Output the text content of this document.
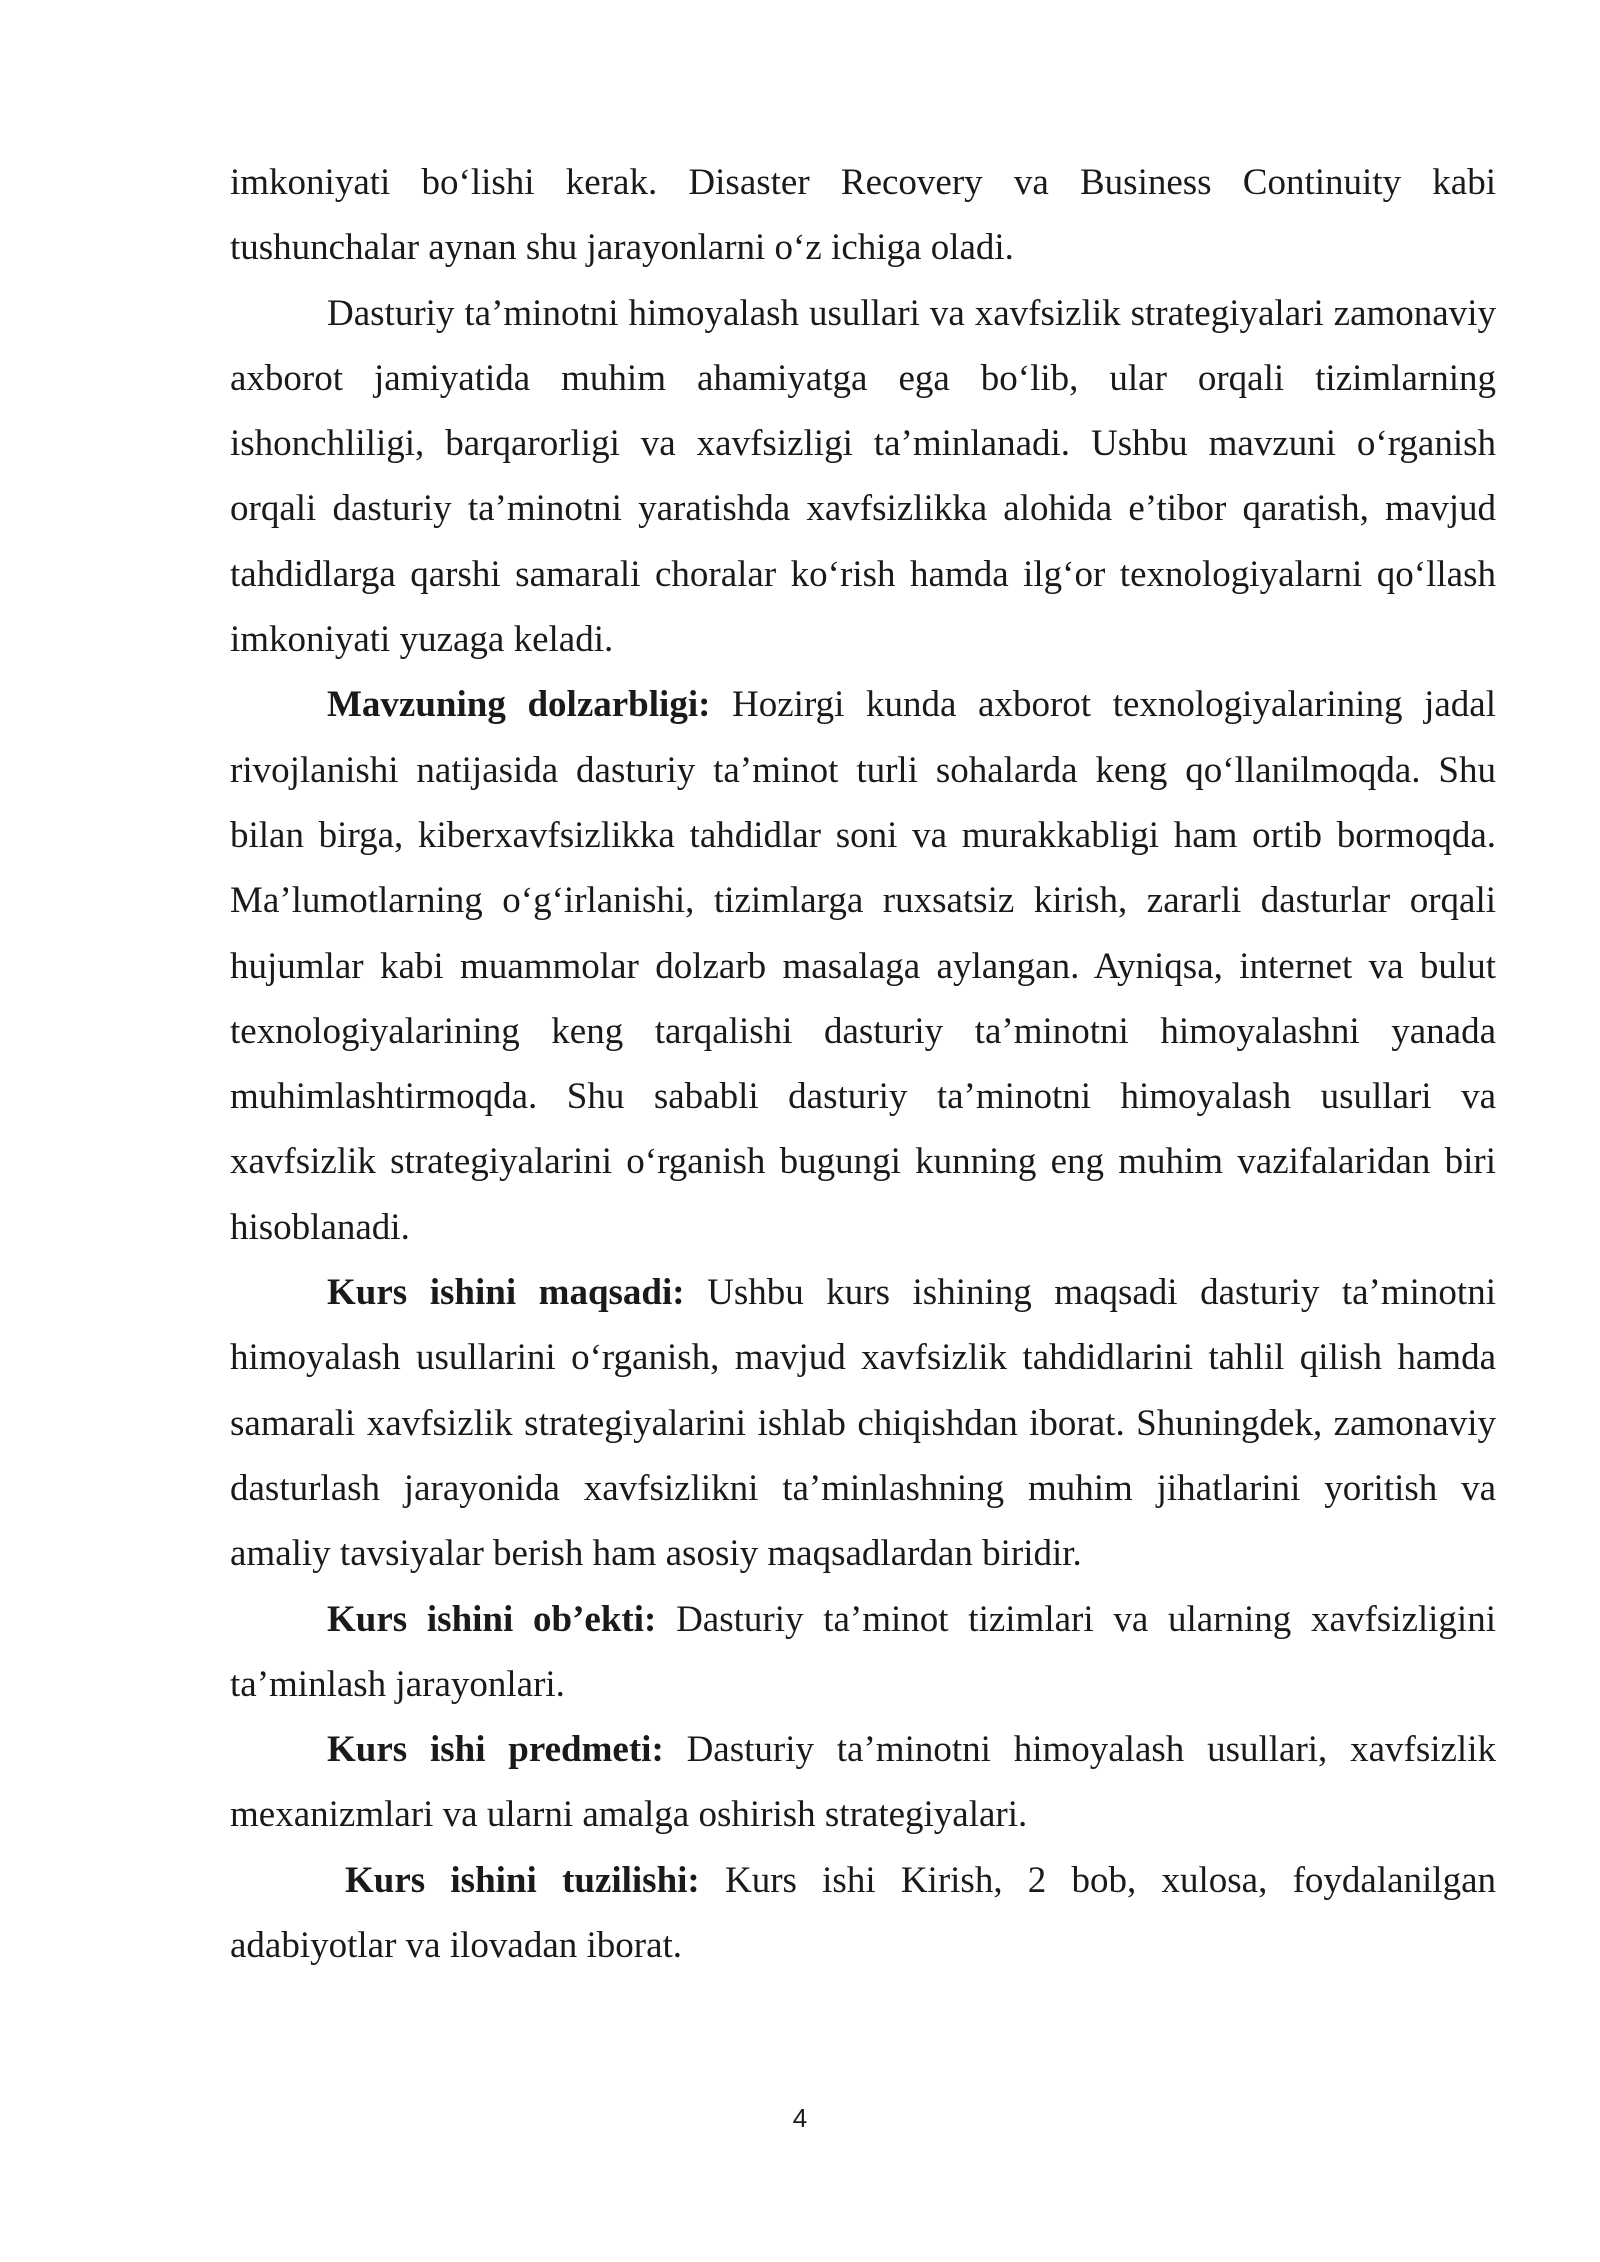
imkoniyati bo‘lishi kerak. Disaster Recovery va Business Continuity kabi tushunchalar aynan shu jarayonlarni o‘z ichiga oladi.

Dasturiy ta’minotni himoyalash usullari va xavfsizlik strategiyalari zamonaviy axborot jamiyatida muhim ahamiyatga ega bo‘lib, ular orqali tizimlarning ishonchliligi, barqarorligi va xavfsizligi ta’minlanadi. Ushbu mavzuni o‘rganish orqali dasturiy ta’minotni yaratishda xavfsizlikka alohida e’tibor qaratish, mavjud tahdidlarga qarshi samarali choralar ko‘rish hamda ilg‘or texnologiyalarni qo‘llash imkoniyati yuzaga keladi.

Mavzuning dolzarbligi: Hozirgi kunda axborot texnologiyalarining jadal rivojlanishi natijasida dasturiy ta’minot turli sohalarda keng qo‘llanilmoqda. Shu bilan birga, kiberxavfsizlikka tahdidlar soni va murakkabligi ham ortib bormoqda. Ma’lumotlarning o‘g‘irlanishi, tizimlarga ruxsatsiz kirish, zararli dasturlar orqali hujumlar kabi muammolar dolzarb masalaga aylangan. Ayniqsa, internet va bulut texnologiyalarining keng tarqalishi dasturiy ta’minotni himoyalashni yanada muhimlashtirmoqda. Shu sababli dasturiy ta’minotni himoyalash usullari va xavfsizlik strategiyalarini o‘rganish bugungi kunning eng muhim vazifalaridan biri hisoblanadi.

Kurs ishini maqsadi: Ushbu kurs ishining maqsadi dasturiy ta’minotni himoyalash usullarini o‘rganish, mavjud xavfsizlik tahdidlarini tahlil qilish hamda samarali xavfsizlik strategiyalarini ishlab chiqishdan iborat. Shuningdek, zamonaviy dasturlash jarayonida xavfsizlikni ta’minlashning muhim jihatlarini yoritish va amaliy tavsiyalar berish ham asosiy maqsadlardan biridir.

Kurs ishini ob’ekti: Dasturiy ta’minot tizimlari va ularning xavfsizligini ta’minlash jarayonlari.

Kurs ishi predmeti: Dasturiy ta’minotni himoyalash usullari, xavfsizlik mexanizmlari va ularni amalga oshirish strategiyalari.

Kurs ishini tuzilishi: Kurs ishi Kirish, 2 bob, xulosa, foydalanilgan adabiyotlar va ilovadan iborat.

4
